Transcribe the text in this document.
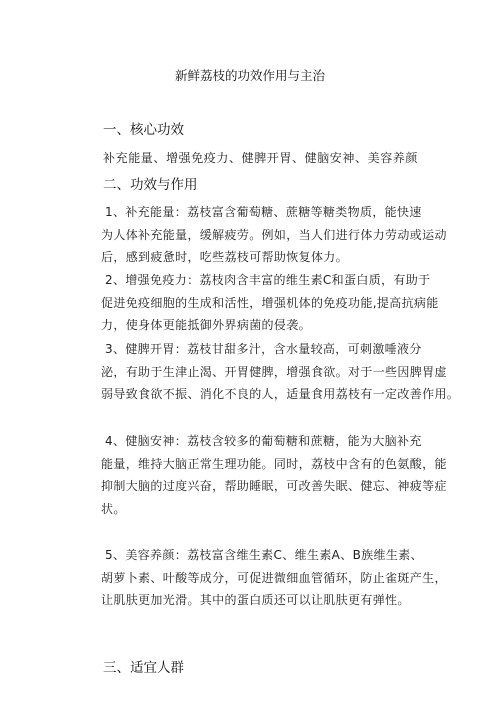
新鲜荔枝的功效作用与主治
一、核心功效
补充能量、增强免疫力、健脾开胃、健脑安神、美容养颜
二、功效与作用
1、补充能量：荔枝富含葡萄糖、蔗糖等糖类物质，能快速
为人体补充能量，缓解疲劳。例如，当人们进行体力劳动或运动
后，感到疲惫时，吃些荔枝可帮助恢复体力。
2、增强免疫力：荔枝肉含丰富的维生素C和蛋白质，有助于
促进免疫细胞的生成和活性，增强机体的免疫功能,提高抗病能
力，使身体更能抵御外界病菌的侵袭。
3、健脾开胃：荔枝甘甜多汁，含水量较高，可刺激唾液分
泌，有助于生津止渴、开胃健脾，增强食欲。对于一些因脾胃虚
弱导致食欲不振、消化不良的人，适量食用荔枝有一定改善作用。
4、健脑安神：荔枝含较多的葡萄糖和蔗糖，能为大脑补充
能量，维持大脑正常生理功能。同时，荔枝中含有的色氨酸，能
抑制大脑的过度兴奋，帮助睡眠，可改善失眠、健忘、神疲等症
状。
5、美容养颜：荔枝富含维生素C、维生素A、B族维生素、
胡萝卜素、叶酸等成分，可促进微细血管循环，防止雀斑产生，
让肌肤更加光滑。其中的蛋白质还可以让肌肤更有弹性。
三、适宜人群
